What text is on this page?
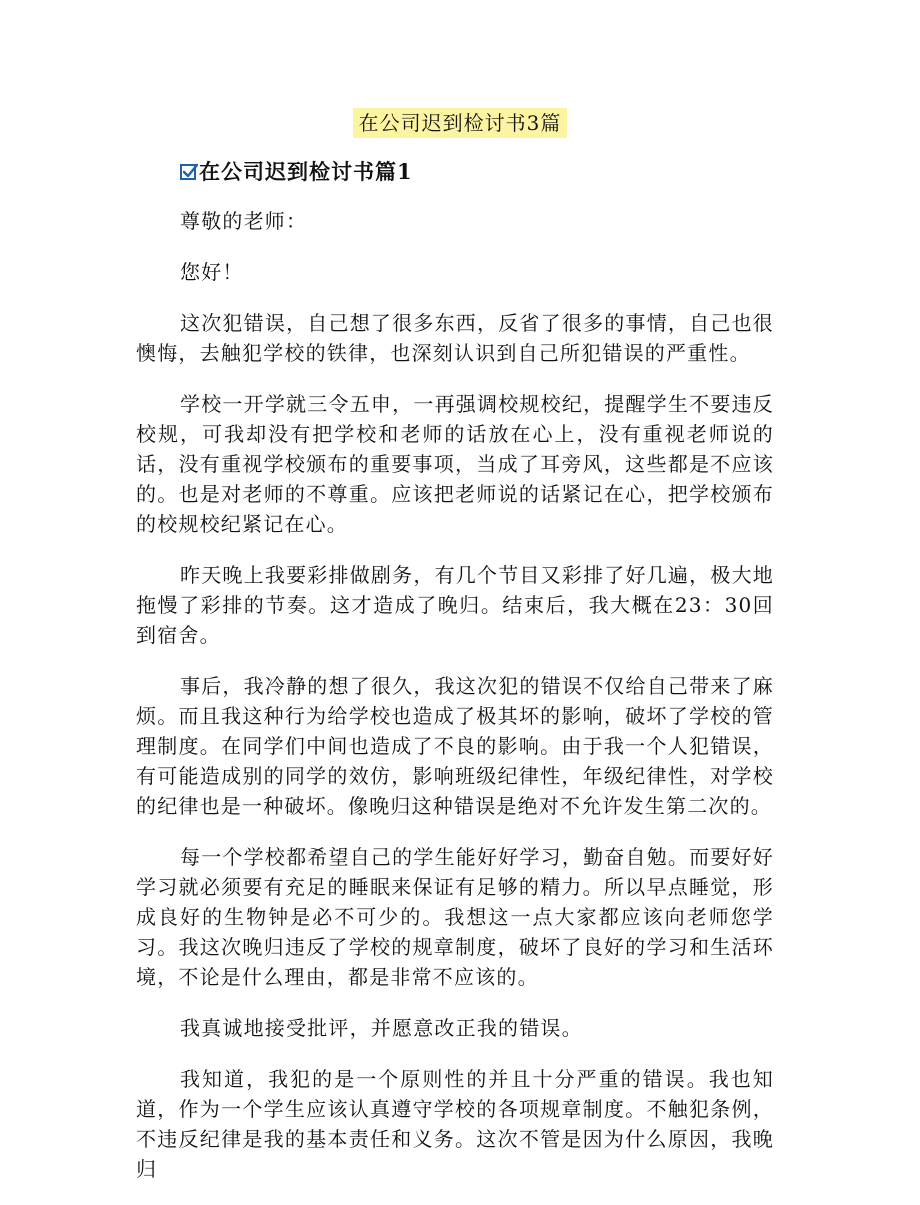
在公司迟到检讨书3篇
在公司迟到检讨书篇1

尊敬的老师：

您好！

这次犯错误，自己想了很多东西，反省了很多的事情，自己也很懊悔，去触犯学校的铁律，也深刻认识到自己所犯错误的严重性。

学校一开学就三令五申，一再强调校规校纪，提醒学生不要违反校规，可我却没有把学校和老师的话放在心上，没有重视老师说的话，没有重视学校颁布的重要事项，当成了耳旁风，这些都是不应该的。也是对老师的不尊重。应该把老师说的话紧记在心，把学校颁布的校规校纪紧记在心。

昨天晚上我要彩排做剧务，有几个节目又彩排了好几遍，极大地拖慢了彩排的节奏。这才造成了晚归。结束后，我大概在23：30回到宿舍。

事后，我冷静的想了很久，我这次犯的错误不仅给自己带来了麻烦。而且我这种行为给学校也造成了极其坏的影响，破坏了学校的管理制度。在同学们中间也造成了不良的影响。由于我一个人犯错误，有可能造成别的同学的效仿，影响班级纪律性，年级纪律性，对学校的纪律也是一种破坏。像晚归这种错误是绝对不允许发生第二次的。

每一个学校都希望自己的学生能好好学习，勤奋自勉。而要好好学习就必须要有充足的睡眠来保证有足够的精力。所以早点睡觉，形成良好的生物钟是必不可少的。我想这一点大家都应该向老师您学习。我这次晚归违反了学校的规章制度，破坏了良好的学习和生活环境，不论是什么理由，都是非常不应该的。

我真诚地接受批评，并愿意改正我的错误。

我知道，我犯的是一个原则性的并且十分严重的错误。我也知道，作为一个学生应该认真遵守学校的各项规章制度。不触犯条例，不违反纪律是我的基本责任和义务。这次不管是因为什么原因，我晚归
